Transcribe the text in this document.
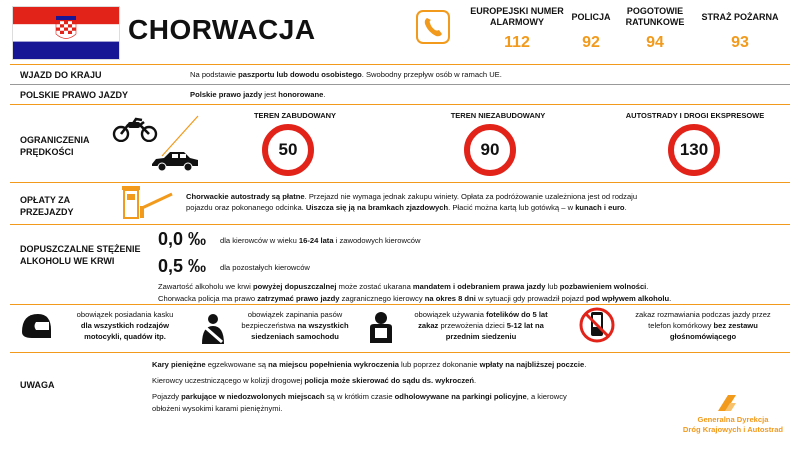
CHORWACJA
EUROPEJSKI NUMER ALARMOWY
112
POLICJA
92
POGOTOWIE RATUNKOWE
94
STRAŻ POŻARNA
93
WJAZD DO KRAJU	Na podstawie paszportu lub dowodu osobistego. Swobodny przepływ osób w ramach UE.
POLSKIE PRAWO JAZDY	Polskie prawo jazdy jest honorowane.
OGRANICZENIA
PRĘDKOŚCI
TEREN ZABUDOWANY
50
TEREN NIEZABUDOWANY
90
AUTOSTRADY I DROGI EKSPRESOWE
130
OPŁATY ZA
PRZEJAZDY
Chorwackie autostrady są płatne. Przejazd nie wymaga jednak zakupu winiety. Opłata za podróżowanie uzależniona jest od rodzaju
pojazdu oraz pokonanego odcinka. Uiszcza się ją na bramkach zjazdowych. Płacić można kartą lub gotówką – w kunach i euro.
DOPUSZCZALNE STĘŻENIE
ALKOHOLU WE KRWI
0,0 ‰ dla kierowców w wieku 16-24 lata i zawodowych kierowców
0,5 ‰ dla pozostałych kierowców
Zawartość alkoholu we krwi powyżej dopuszczalnej może zostać ukarana mandatem i odebraniem prawa jazdy lub pozbawieniem wolności.
Chorwacka policja ma prawo zatrzymać prawo jazdy zagranicznego kierowcy na okres 8 dni w sytuacji gdy prowadził pojazd pod wpływem alkoholu.
obowiązek posiadania kasku
dla wszystkich rodzajów
motocykli, quadów itp.
obowiązek zapinania pasów
bezpieczeństwa na wszystkich
siedzeniach samochodu
obowiązek używania fotelików do 5 lat
zakaz przewożenia dzieci 5-12 lat na
przednim siedzeniu
zakaz rozmawiania podczas jazdy przez
telefon komórkowy bez zestawu
głośnomówiącego
UWAGA
Kary pieniężne egzekwowane są na miejscu popełnienia wykroczenia lub poprzez dokonanie wpłaty na najbliższej poczcie.
Kierowcy uczestniczącego w kolizji drogowej policja może skierować do sądu ds. wykroczeń.
Pojazdy parkujące w niedozwolonych miejscach są w krótkim czasie odholowywane na parkingi policyjne, a kierowcy
obłożeni wysokimi karami pieniężnymi.
Generalna Dyrekcja
Dróg Krajowych i Autostrad
